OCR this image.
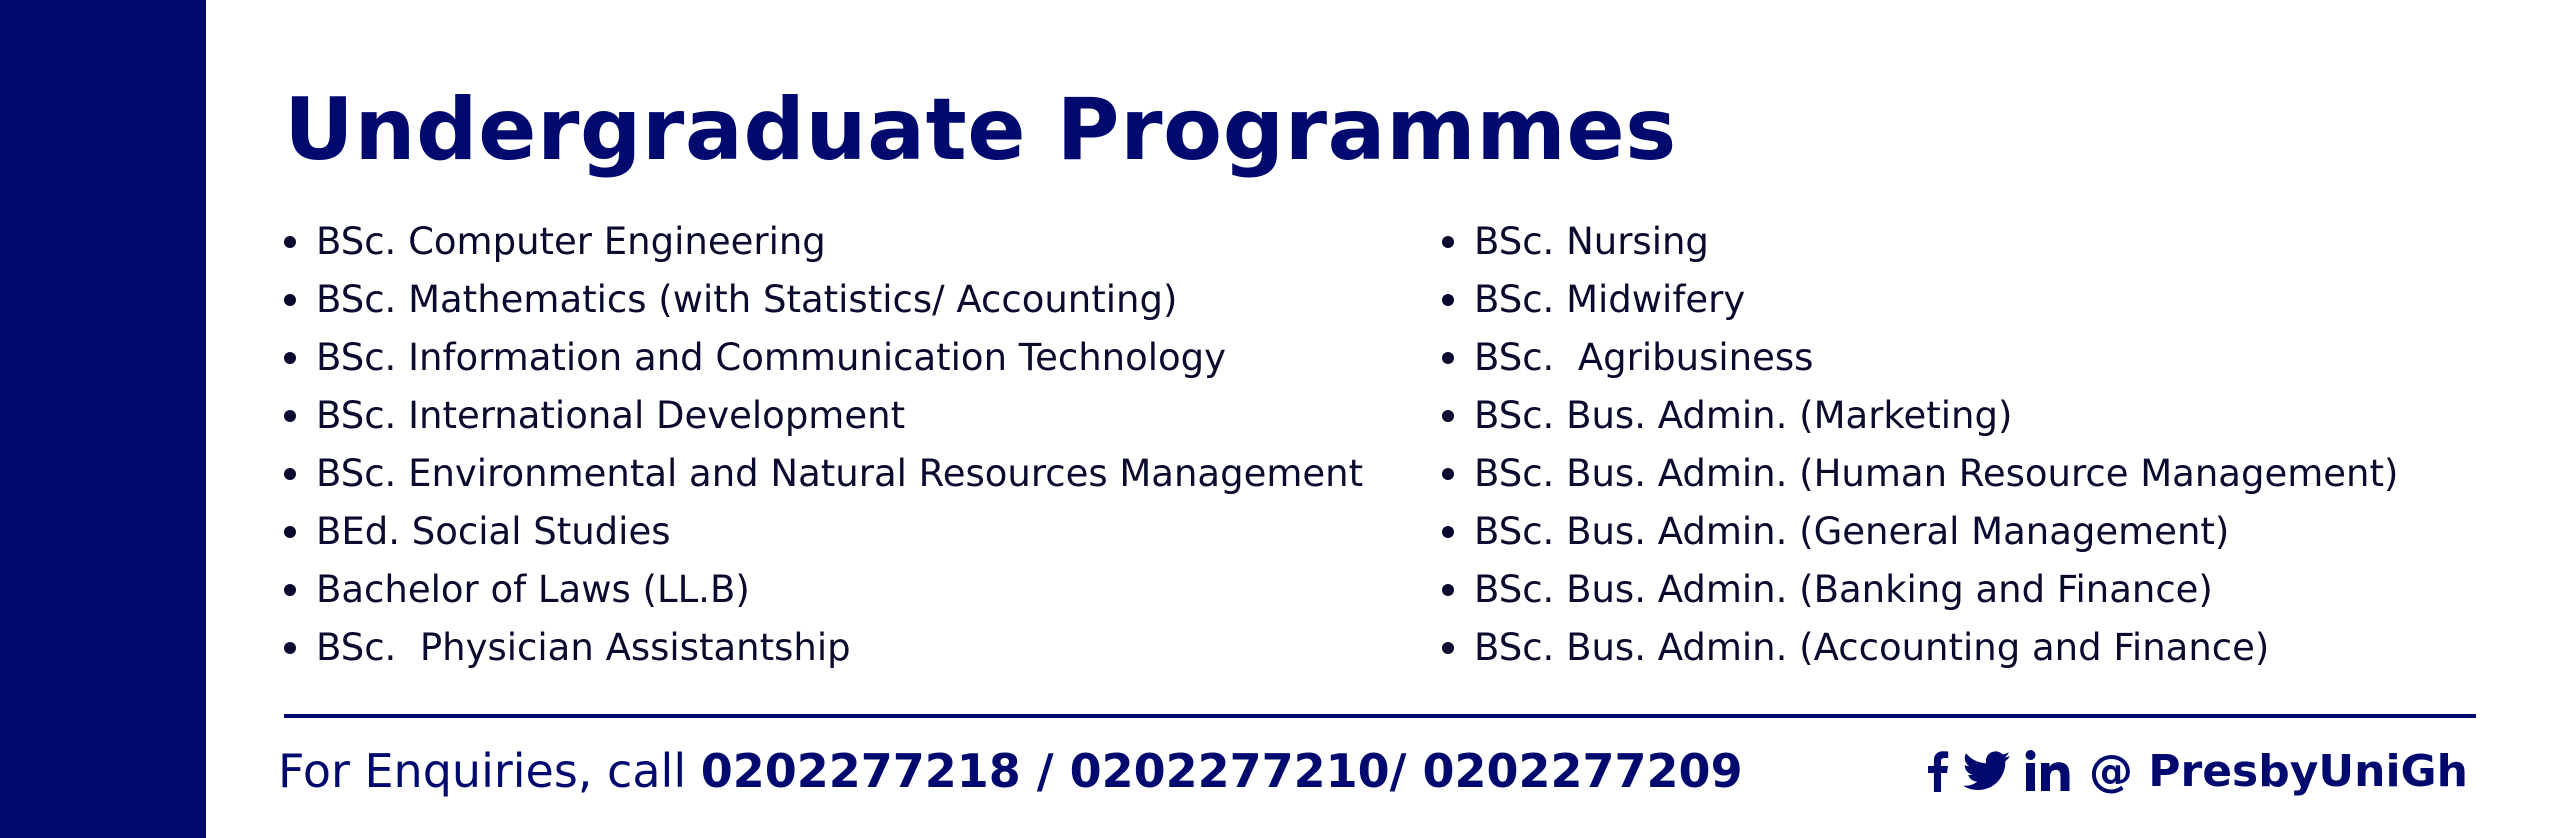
Undergraduate Programmes
BSc. Computer Engineering
BSc. Mathematics (with Statistics/ Accounting)
BSc. Information and Communication Technology
BSc. International Development
BSc. Environmental and Natural Resources Management
BEd. Social Studies
Bachelor of Laws (LL.B)
BSc.  Physician Assistantship
BSc. Nursing
BSc. Midwifery
BSc.  Agribusiness
BSc. Bus. Admin. (Marketing)
BSc. Bus. Admin. (Human Resource Management)
BSc. Bus. Admin. (General Management)
BSc. Bus. Admin. (Banking and Finance)
BSc. Bus. Admin. (Accounting and Finance)
For Enquiries, call 0202277218 / 0202277210/ 0202277209	@ PresbyUniGh
